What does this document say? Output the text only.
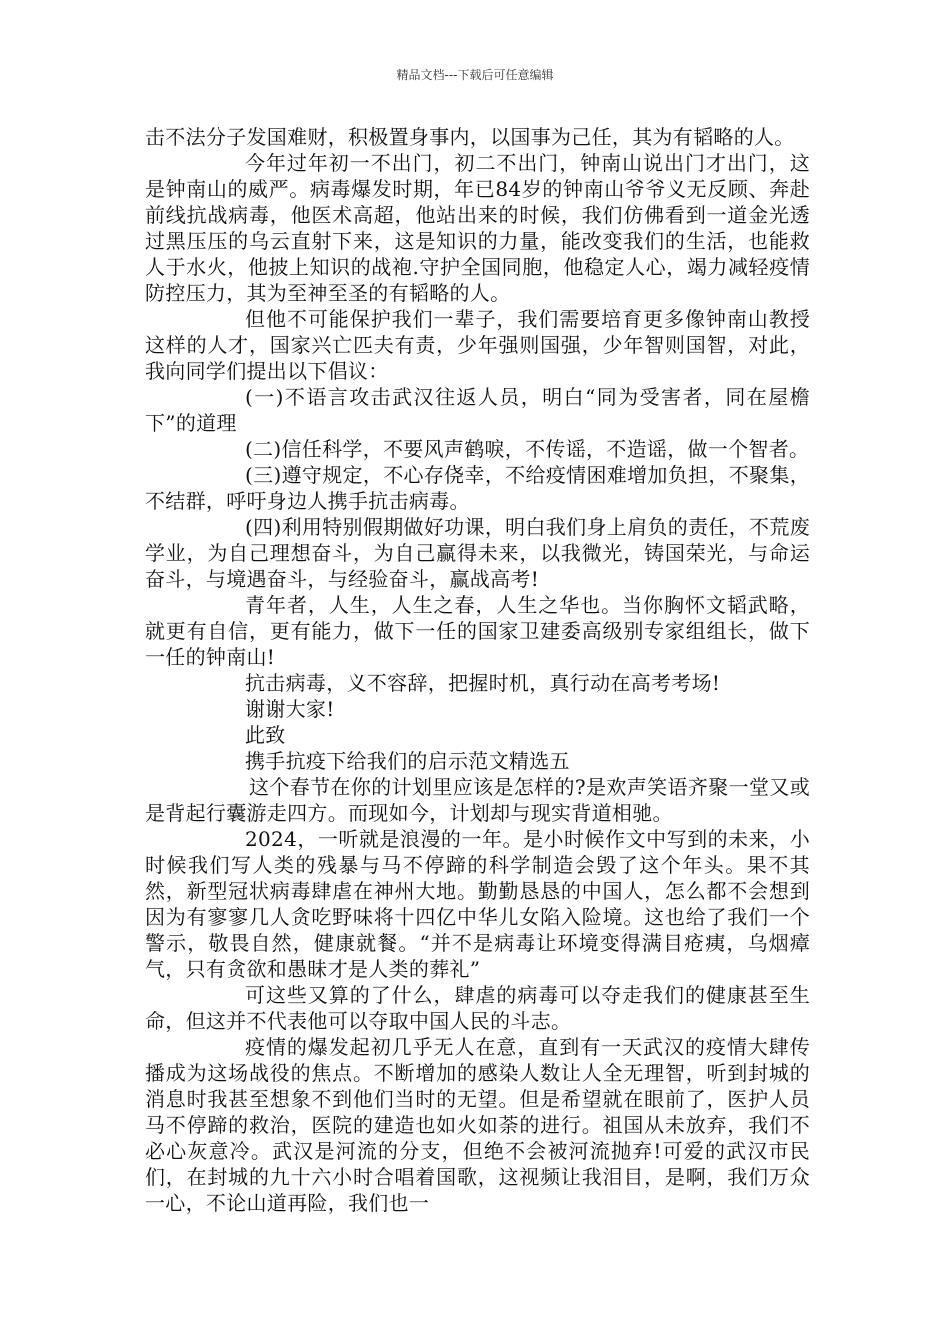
精品文档---下载后可任意编辑

击不法分子发国难财，积极置身事内，以国事为己任，其为有韬略的人。

今年过年初一不出门，初二不出门，钟南山说出门才出门，这是钟南山的威严。病毒爆发时期，年已84岁的钟南山爷爷义无反顾、奔赴前线抗战病毒，他医术高超，他站出来的时候，我们仿佛看到一道金光透过黑压压的乌云直射下来，这是知识的力量，能改变我们的生活，也能救人于水火，他披上知识的战袍.守护全国同胞，他稳定人心，竭力减轻疫情防控压力，其为至神至圣的有韬略的人。

但他不可能保护我们一辈子，我们需要培育更多像钟南山教授这样的人才，国家兴亡匹夫有责，少年强则国强，少年智则国智，对此，我向同学们提出以下倡议：

(一)不语言攻击武汉往返人员，明白“同为受害者，同在屋檐下”的道理

(二)信任科学，不要风声鹤唳，不传谣，不造谣，做一个智者。

(三)遵守规定，不心存侥幸，不给疫情困难增加负担，不聚集，不结群，呼吁身边人携手抗击病毒。

(四)利用特别假期做好功课，明白我们身上肩负的责任，不荒废学业，为自己理想奋斗，为自己赢得未来，以我微光，铸国荣光，与命运奋斗，与境遇奋斗，与经验奋斗，赢战高考!

青年者，人生，人生之春，人生之华也。当你胸怀文韬武略，就更有自信，更有能力，做下一任的国家卫建委高级别专家组组长，做下一任的钟南山!

抗击病毒，义不容辞，把握时机，真行动在高考考场!

谢谢大家!

此致

携手抗疫下给我们的启示范文精选五

这个春节在你的计划里应该是怎样的?是欢声笑语齐聚一堂又或是背起行囊游走四方。而现如今，计划却与现实背道相驰。

2024，一听就是浪漫的一年。是小时候作文中写到的未来，小时候我们写人类的残暴与马不停蹄的科学制造会毁了这个年头。果不其然，新型冠状病毒肆虐在神州大地。勤勤恳恳的中国人，怎么都不会想到因为有寥寥几人贪吃野味将十四亿中华儿女陷入险境。这也给了我们一个警示，敬畏自然，健康就餐。“并不是病毒让环境变得满目疮痍，乌烟瘴气，只有贪欲和愚昧才是人类的葬礼”

可这些又算的了什么，肆虐的病毒可以夺走我们的健康甚至生命，但这并不代表他可以夺取中国人民的斗志。

疫情的爆发起初几乎无人在意，直到有一天武汉的疫情大肆传播成为这场战役的焦点。不断增加的感染人数让人全无理智，听到封城的消息时我甚至想象不到他们当时的无望。但是希望就在眼前了，医护人员马不停蹄的救治，医院的建造也如火如荼的进行。祖国从未放弃，我们不必心灰意冷。武汉是河流的分支，但绝不会被河流抛弃!可爱的武汉市民们，在封城的九十六小时合唱着国歌，这视频让我泪目，是啊，我们万众一心，不论山道再险，我们也一
